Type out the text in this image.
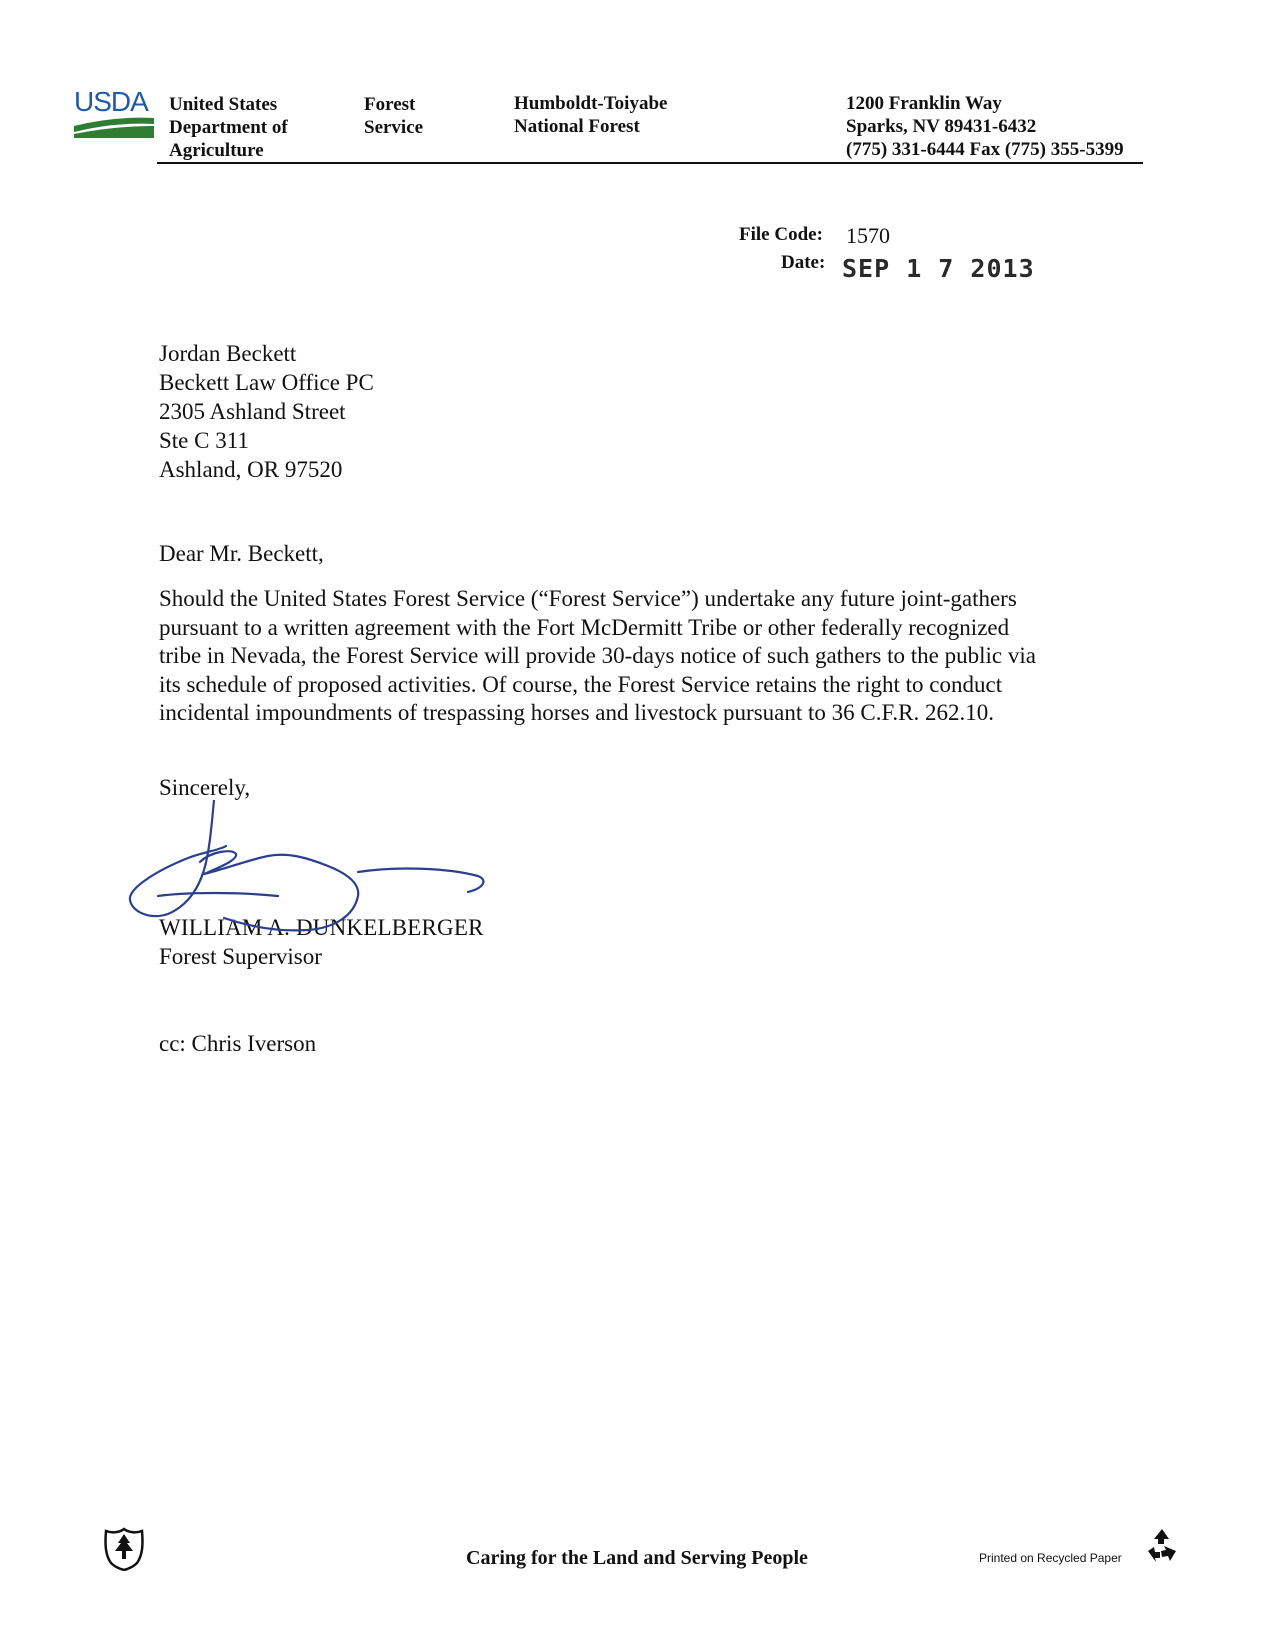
USDA United States
Department of
Agriculture
Forest
Service
Humboldt-Toiyabe
National Forest
1200 Franklin Way
Sparks, NV 89431-6432
(775) 331-6444 Fax (775) 355-5399
File Code: 1570
Date: SEP 1 7 2013
Jordan Beckett
Beckett Law Office PC
2305 Ashland Street
Ste C 311
Ashland, OR 97520
Dear Mr. Beckett,
Should the United States Forest Service (“Forest Service”) undertake any future joint-gathers
pursuant to a written agreement with the Fort McDermitt Tribe or other federally recognized
tribe in Nevada, the Forest Service will provide 30-days notice of such gathers to the public via
its schedule of proposed activities. Of course, the Forest Service retains the right to conduct
incidental impoundments of trespassing horses and livestock pursuant to 36 C.F.R. 262.10.
Sincerely,
WILLIAM A. DUNKELBERGER
Forest Supervisor
cc: Chris Iverson
Caring for the Land and Serving People	Printed on Recycled Paper
